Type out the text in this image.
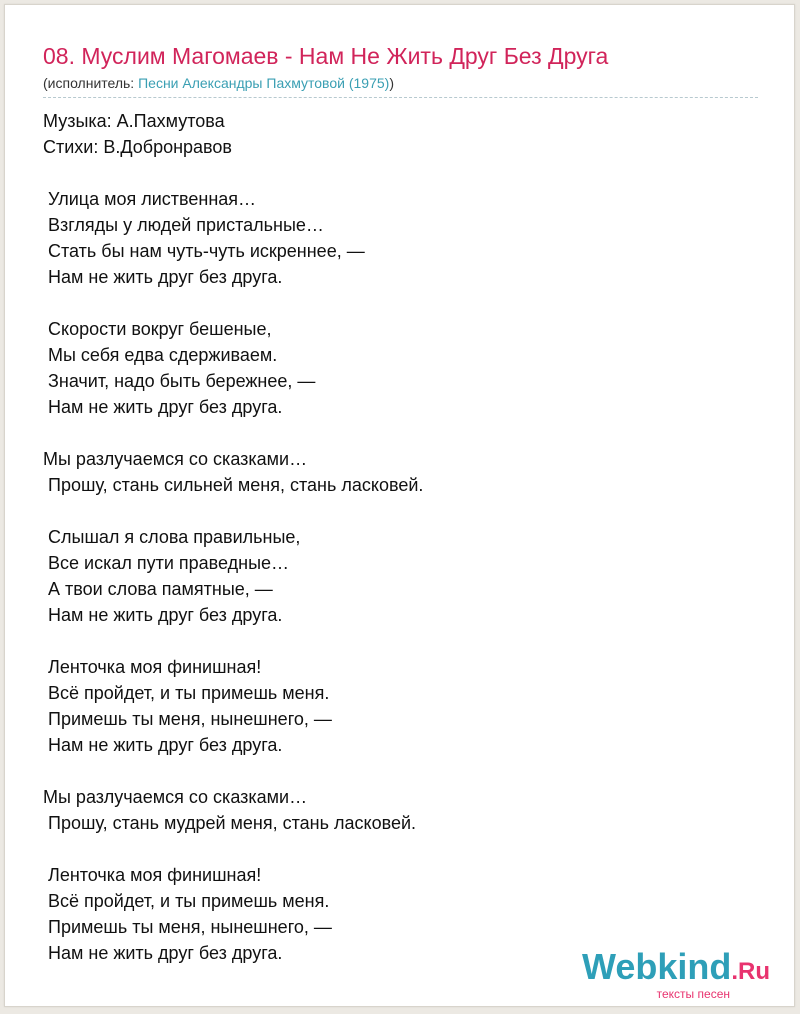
08. Муслим Магомаев - Нам Не Жить Друг Без Друга
(исполнитель: Песни Александры Пахмутовой (1975))
Музыка: А.Пахмутова
Стихи: В.Добронравов
Улица моя лиственная…
Взгляды у людей пристальные…
Стать бы нам чуть-чуть искреннее, —
Нам не жить друг без друга.
Скорости вокруг бешеные,
Мы себя едва сдерживаем.
Значит, надо быть бережнее, —
Нам не жить друг без друга.
Мы разлучаемся со сказками…
Прошу, стань сильней меня, стань ласковей.
Слышал я слова правильные,
Все искал пути праведные…
А твои слова памятные, —
Нам не жить друг без друга.
Ленточка моя финишная!
Всё пройдет, и ты примешь меня.
Примешь ты меня, нынешнего, —
Нам не жить друг без друга.
Мы разлучаемся со сказками…
Прошу, стань мудрей меня, стань ласковей.
Ленточка моя финишная!
Всё пройдет, и ты примешь меня.
Примешь ты меня, нынешнего, —
Нам не жить друг без друга.	Webkind.Ru
тексты песен
